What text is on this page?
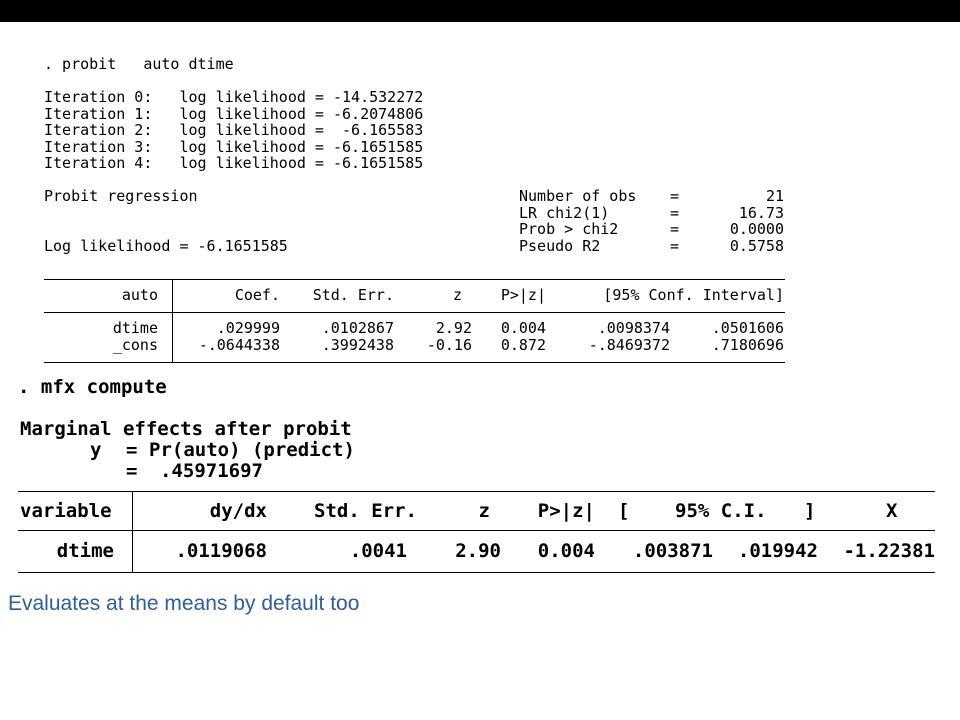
. probit   auto dtime
Iteration 0:   log likelihood = -14.532272
Iteration 1:   log likelihood = -6.2074806
Iteration 2:   log likelihood =  -6.165583
Iteration 3:   log likelihood = -6.1651585
Iteration 4:   log likelihood = -6.1651585
Probit regression
Log likelihood = -6.1651585
Number of obs =	21
LR chi2(1)	=	16.73
Prob > chi2	=	0.0000
Pseudo R2	=	0.5758
auto	Coef.	Std. Err.	z	P>|z|	[95% Conf. Interval]
dtime	.029999	.0102867	2.92	0.004	.0098374	.0501606
_cons	-.0644338	.3992438	-0.16	0.872	-.8469372	.7180696
. mfx compute
Marginal effects after probit
y = Pr(auto) (predict)
= .45971697
variable	dy/dx	Std. Err.	z	P>|z| [ 95% C.I. ]	X
dtime	.0119068	.0041	2.90	0.004	.003871	.019942	-1.22381
Evaluates at the means by default too
